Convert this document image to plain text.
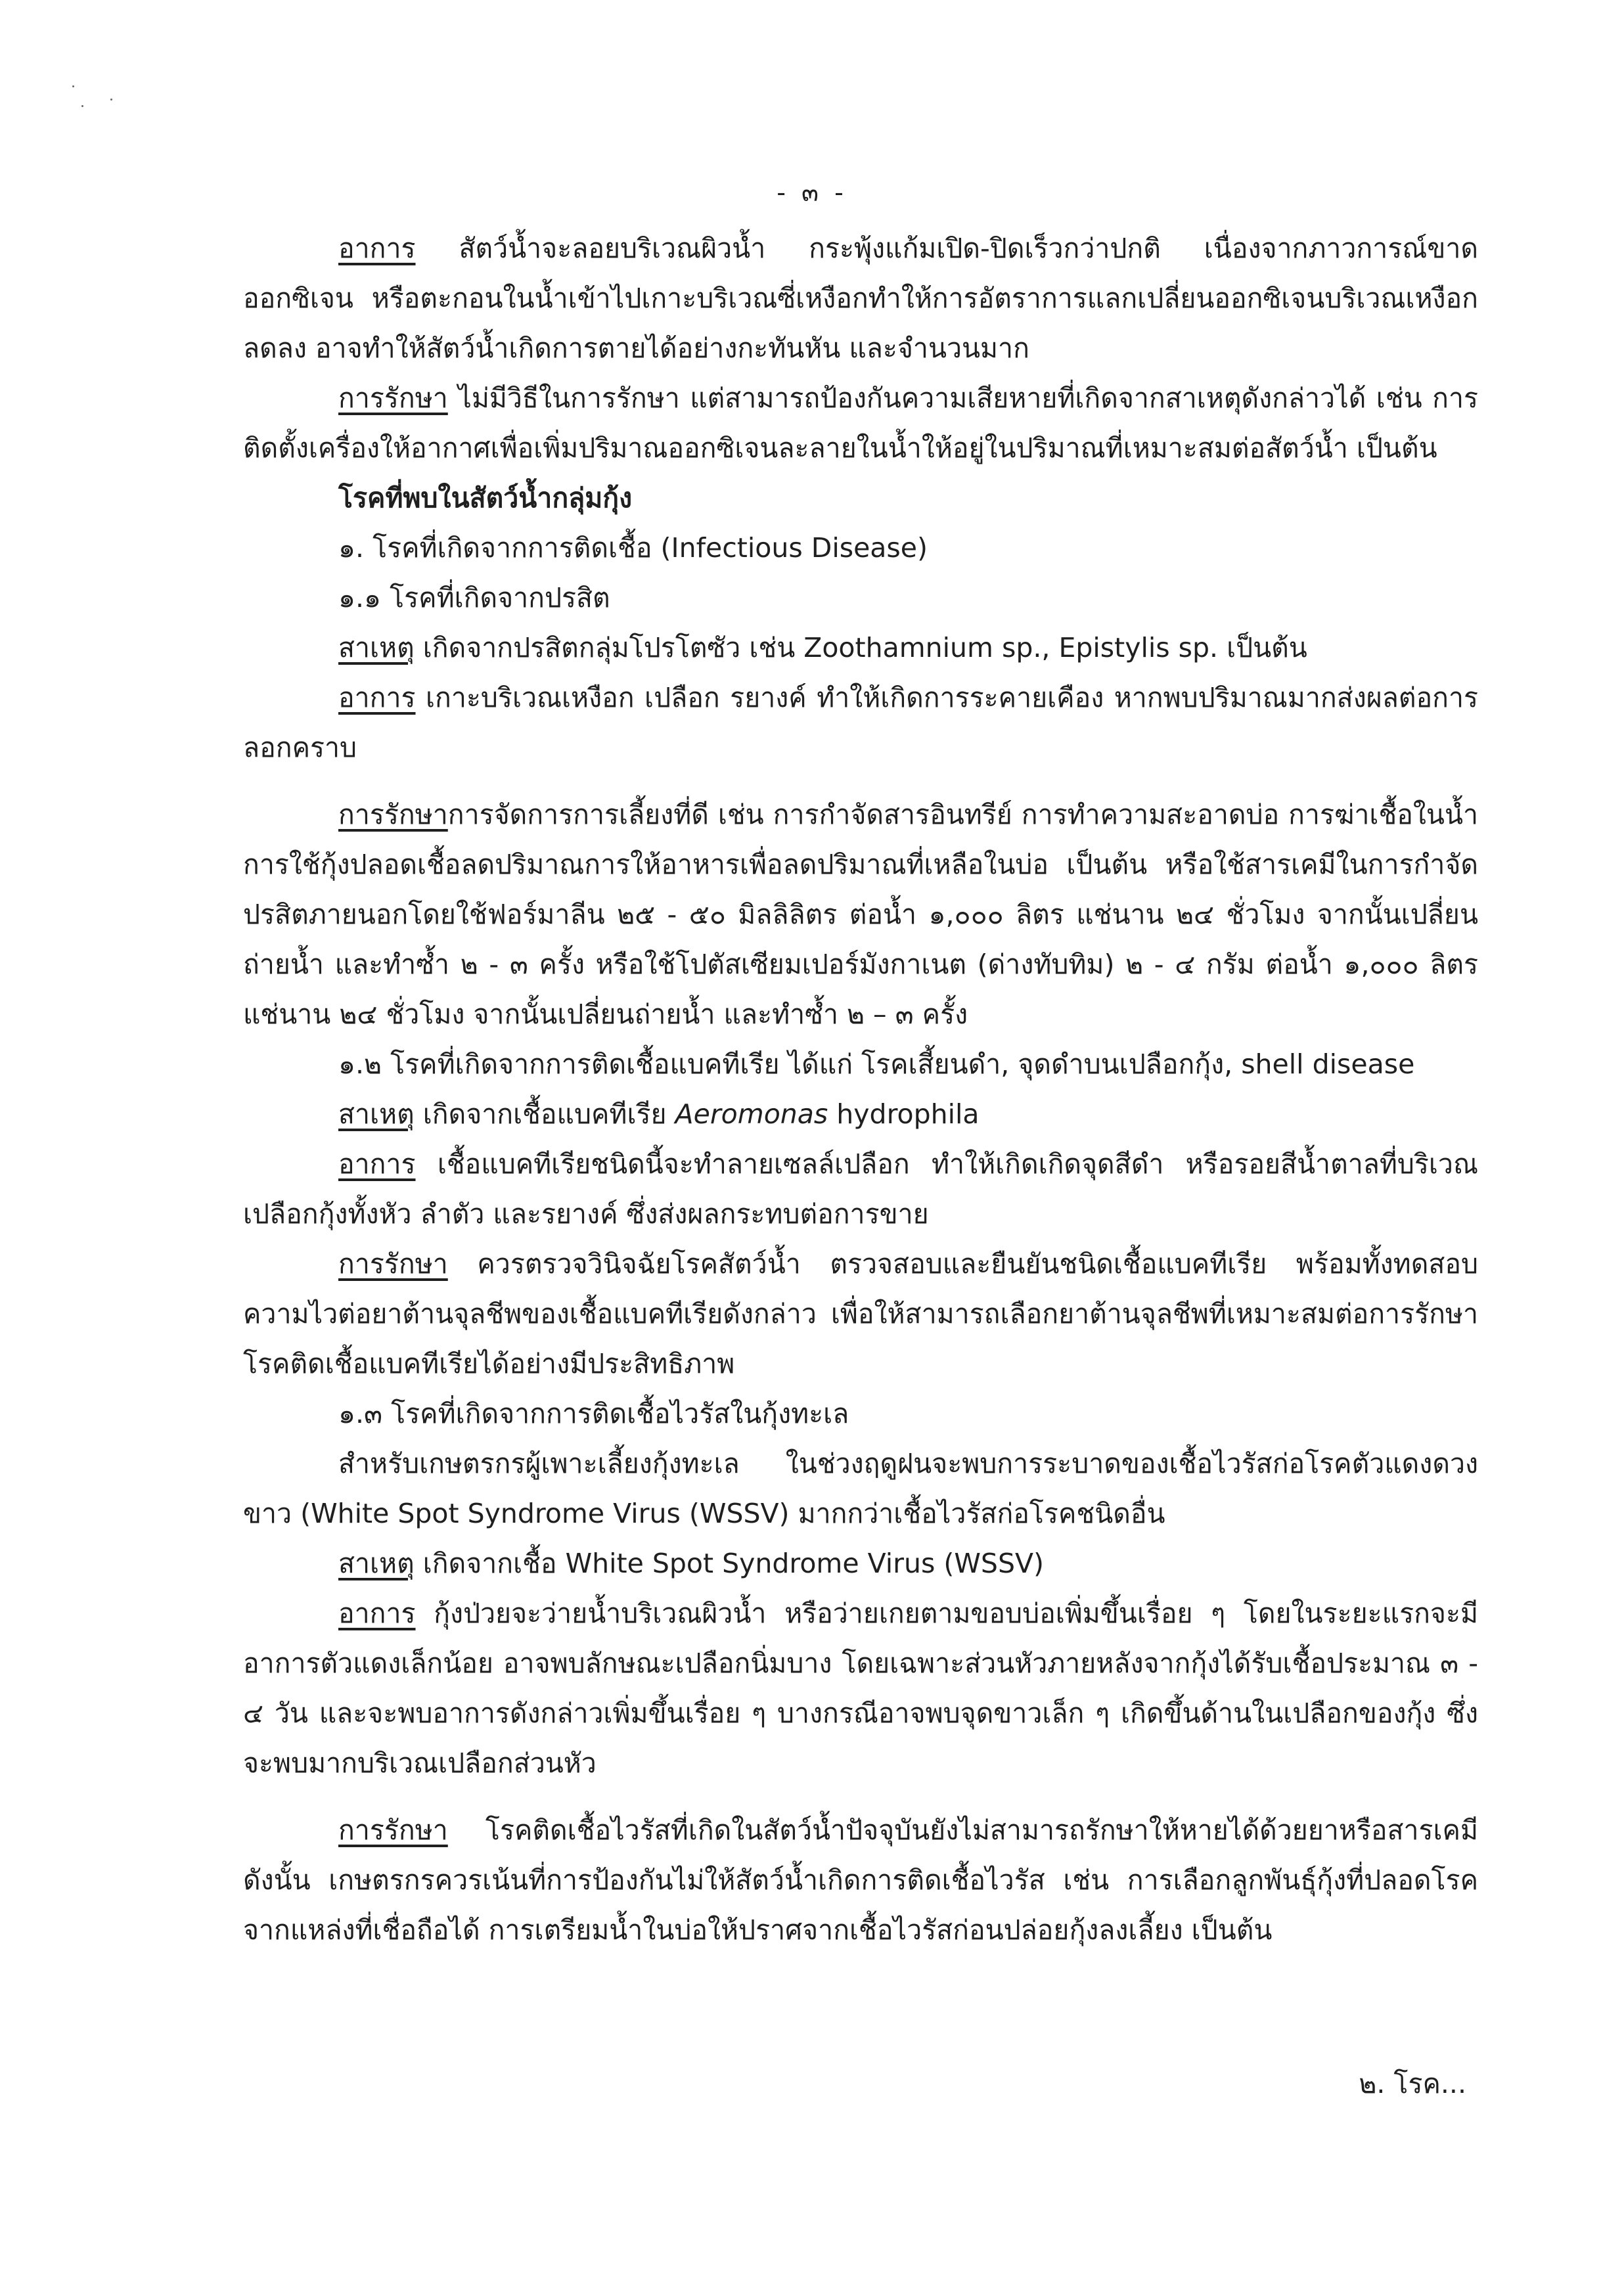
- ๓ -

อาการ สัตว์น้ำจะลอยบริเวณผิวน้ำ กระพุ้งแก้มเปิด-ปิดเร็วกว่าปกติ เนื่องจากภาวการณ์ขาดออกซิเจน หรือตะกอนในน้ำเข้าไปเกาะบริเวณซี่เหงือกทำให้การอัตราการแลกเปลี่ยนออกซิเจนบริเวณเหงือกลดลง อาจทำให้สัตว์น้ำเกิดการตายได้อย่างกะทันหัน และจำนวนมาก

การรักษา ไม่มีวิธีในการรักษา แต่สามารถป้องกันความเสียหายที่เกิดจากสาเหตุดังกล่าวได้ เช่น การติดตั้งเครื่องให้อากาศเพื่อเพิ่มปริมาณออกซิเจนละลายในน้ำให้อยู่ในปริมาณที่เหมาะสมต่อสัตว์น้ำ เป็นต้น

โรคที่พบในสัตว์น้ำกลุ่มกุ้ง

๑. โรคที่เกิดจากการติดเชื้อ (Infectious Disease)

๑.๑ โรคที่เกิดจากปรสิต

สาเหตุ เกิดจากปรสิตกลุ่มโปรโตซัว เช่น Zoothamnium sp., Epistylis sp. เป็นต้น

อาการ เกาะบริเวณเหงือก เปลือก รยางค์ ทำให้เกิดการระคายเคือง หากพบปริมาณมากส่งผลต่อการลอกคราบ

การรักษาการจัดการการเลี้ยงที่ดี เช่น การกำจัดสารอินทรีย์ การทำความสะอาดบ่อ การฆ่าเชื้อในน้ำ การใช้กุ้งปลอดเชื้อลดปริมาณการให้อาหารเพื่อลดปริมาณที่เหลือในบ่อ เป็นต้น หรือใช้สารเคมีในการกำจัดปรสิตภายนอกโดยใช้ฟอร์มาลีน ๒๕ - ๕๐ มิลลิลิตร ต่อน้ำ ๑,๐๐๐ ลิตร แช่นาน ๒๔ ชั่วโมง จากนั้นเปลี่ยนถ่ายน้ำ และทำซ้ำ ๒ - ๓ ครั้ง หรือใช้โปตัสเซียมเปอร์มังกาเนต (ด่างทับทิม) ๒ - ๔ กรัม ต่อน้ำ ๑,๐๐๐ ลิตร แช่นาน ๒๔ ชั่วโมง จากนั้นเปลี่ยนถ่ายน้ำ และทำซ้ำ ๒ – ๓ ครั้ง

๑.๒ โรคที่เกิดจากการติดเชื้อแบคทีเรีย ได้แก่ โรคเสี้ยนดำ, จุดดำบนเปลือกกุ้ง, shell disease

สาเหตุ เกิดจากเชื้อแบคทีเรีย Aeromonas hydrophila

อาการ เชื้อแบคทีเรียชนิดนี้จะทำลายเซลล์เปลือก ทำให้เกิดเกิดจุดสีดำ หรือรอยสีน้ำตาลที่บริเวณเปลือกกุ้งทั้งหัว ลำตัว และรยางค์ ซึ่งส่งผลกระทบต่อการขาย

การรักษา ควรตรวจวินิจฉัยโรคสัตว์น้ำ ตรวจสอบและยืนยันชนิดเชื้อแบคทีเรีย พร้อมทั้งทดสอบความไวต่อยาต้านจุลชีพของเชื้อแบคทีเรียดังกล่าว เพื่อให้สามารถเลือกยาต้านจุลชีพที่เหมาะสมต่อการรักษาโรคติดเชื้อแบคทีเรียได้อย่างมีประสิทธิภาพ

๑.๓ โรคที่เกิดจากการติดเชื้อไวรัสในกุ้งทะเล

สำหรับเกษตรกรผู้เพาะเลี้ยงกุ้งทะเล ในช่วงฤดูฝนจะพบการระบาดของเชื้อไวรัสก่อโรคตัวแดงดวงขาว (White Spot Syndrome Virus (WSSV) มากกว่าเชื้อไวรัสก่อโรคชนิดอื่น

สาเหตุ เกิดจากเชื้อ White Spot Syndrome Virus (WSSV)

อาการ กุ้งป่วยจะว่ายน้ำบริเวณผิวน้ำ หรือว่ายเกยตามขอบบ่อเพิ่มขึ้นเรื่อย ๆ โดยในระยะแรกจะมีอาการตัวแดงเล็กน้อย อาจพบลักษณะเปลือกนิ่มบาง โดยเฉพาะส่วนหัวภายหลังจากกุ้งได้รับเชื้อประมาณ ๓ - ๔ วัน และจะพบอาการดังกล่าวเพิ่มขึ้นเรื่อย ๆ บางกรณีอาจพบจุดขาวเล็ก ๆ เกิดขึ้นด้านในเปลือกของกุ้ง ซึ่งจะพบมากบริเวณเปลือกส่วนหัว

การรักษา โรคติดเชื้อไวรัสที่เกิดในสัตว์น้ำปัจจุบันยังไม่สามารถรักษาให้หายได้ด้วยยาหรือสารเคมี ดังนั้น เกษตรกรควรเน้นที่การป้องกันไม่ให้สัตว์น้ำเกิดการติดเชื้อไวรัส เช่น การเลือกลูกพันธุ์กุ้งที่ปลอดโรคจากแหล่งที่เชื่อถือได้ การเตรียมน้ำในบ่อให้ปราศจากเชื้อไวรัสก่อนปล่อยกุ้งลงเลี้ยง เป็นต้น

๒. โรค...
